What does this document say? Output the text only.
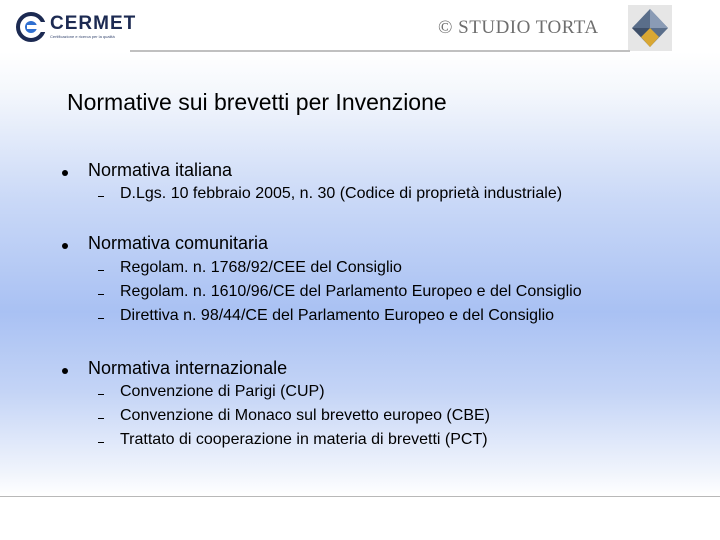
CERMET
Certificazione e ricerca per la qualità	© STUDIO TORTA
Normative sui brevetti per Invenzione
Normativa italiana
D.Lgs. 10 febbraio 2005, n. 30 (Codice di proprietà industriale)
Normativa comunitaria
Regolam. n. 1768/92/CEE del Consiglio
Regolam. n. 1610/96/CE del Parlamento Europeo e del Consiglio
Direttiva n. 98/44/CE del Parlamento Europeo e del Consiglio
Normativa internazionale
Convenzione di Parigi (CUP)
Convenzione di Monaco sul brevetto europeo (CBE)
Trattato di cooperazione in materia di brevetti (PCT)
